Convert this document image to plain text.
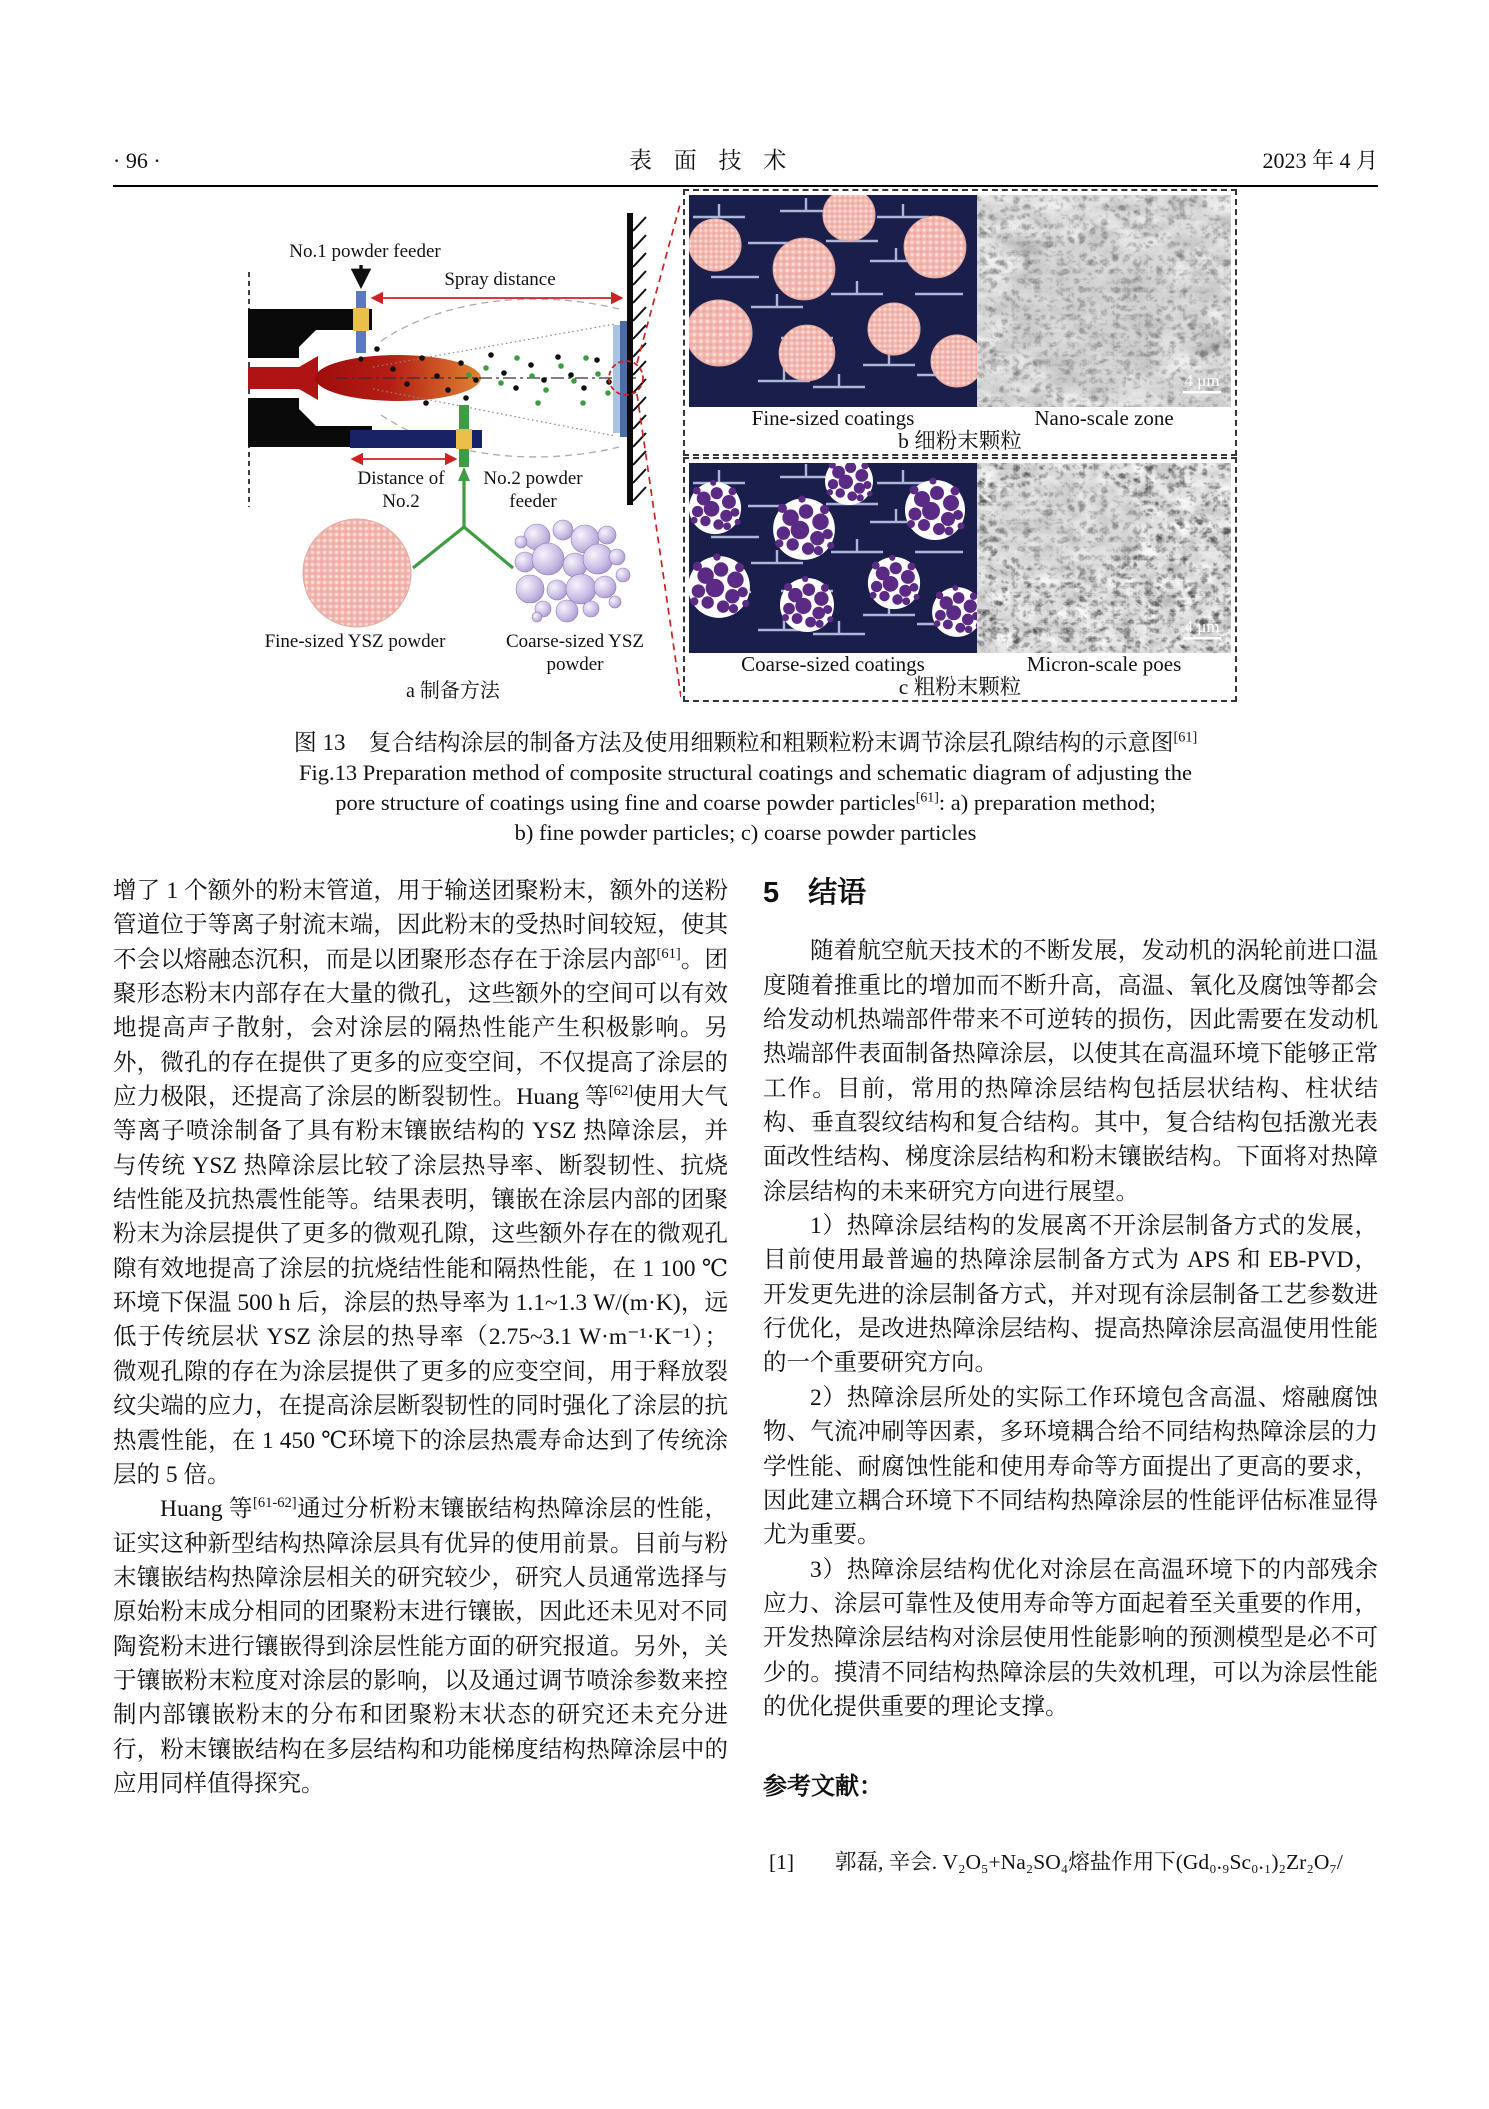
· 96 ·	表 面 技 术	2023 年 4 月
No.1 powder feeder
Spray distance
Distance of
No.2
No.2 powder
feeder
Fine-sized YSZ powder	Coarse-sized YSZ
powder
a 制备方法
4 μm
Fine-sized coatings	Nano-scale zone
b 细粉末颗粒
4 μm
Coarse-sized coatings	Micron-scale poes
c 粗粉末颗粒
图 13　复合结构涂层的制备方法及使用细颗粒和粗颗粒粉末调节涂层孔隙结构的示意图[61]
Fig.13 Preparation method of composite structural coatings and schematic diagram of adjusting the
pore structure of coatings using fine and coarse powder particles[61]: a) preparation method;
b) fine powder particles; c) coarse powder particles

增了 1 个额外的粉末管道，用于输送团聚粉末，额外的送粉管道位于等离子射流末端，因此粉末的受热时间较短，使其不会以熔融态沉积，而是以团聚形态存在于涂层内部[61]。团聚形态粉末内部存在大量的微孔，这些额外的空间可以有效地提高声子散射，会对涂层的隔热性能产生积极影响。另外，微孔的存在提供了更多的应变空间，不仅提高了涂层的应力极限，还提高了涂层的断裂韧性。Huang 等[62]使用大气等离子喷涂制备了具有粉末镶嵌结构的 YSZ 热障涂层，并与传统 YSZ 热障涂层比较了涂层热导率、断裂韧性、抗烧结性能及抗热震性能等。结果表明，镶嵌在涂层内部的团聚粉末为涂层提供了更多的微观孔隙，这些额外存在的微观孔隙有效地提高了涂层的抗烧结性能和隔热性能，在 1 100 ℃环境下保温 500 h 后，涂层的热导率为 1.1~1.3 W/(m·K)，远低于传统层状 YSZ 涂层的热导率（2.75~3.1 W·m⁻¹·K⁻¹）；微观孔隙的存在为涂层提供了更多的应变空间，用于释放裂纹尖端的应力，在提高涂层断裂韧性的同时强化了涂层的抗热震性能，在 1 450 ℃环境下的涂层热震寿命达到了传统涂层的 5 倍。

Huang 等[61-62]通过分析粉末镶嵌结构热障涂层的性能，证实这种新型结构热障涂层具有优异的使用前景。目前与粉末镶嵌结构热障涂层相关的研究较少，研究人员通常选择与原始粉末成分相同的团聚粉末进行镶嵌，因此还未见对不同陶瓷粉末进行镶嵌得到涂层性能方面的研究报道。另外，关于镶嵌粉末粒度对涂层的影响，以及通过调节喷涂参数来控制内部镶嵌粉末的分布和团聚粉末状态的研究还未充分进行，粉末镶嵌结构在多层结构和功能梯度结构热障涂层中的应用同样值得探究。

5　结语

随着航空航天技术的不断发展，发动机的涡轮前进口温度随着推重比的增加而不断升高，高温、氧化及腐蚀等都会给发动机热端部件带来不可逆转的损伤，因此需要在发动机热端部件表面制备热障涂层，以使其在高温环境下能够正常工作。目前，常用的热障涂层结构包括层状结构、柱状结构、垂直裂纹结构和复合结构。其中，复合结构包括激光表面改性结构、梯度涂层结构和粉末镶嵌结构。下面将对热障涂层结构的未来研究方向进行展望。

1）热障涂层结构的发展离不开涂层制备方式的发展，目前使用最普遍的热障涂层制备方式为 APS 和 EB-PVD，开发更先进的涂层制备方式，并对现有涂层制备工艺参数进行优化，是改进热障涂层结构、提高热障涂层高温使用性能的一个重要研究方向。

2）热障涂层所处的实际工作环境包含高温、熔融腐蚀物、气流冲刷等因素，多环境耦合给不同结构热障涂层的力学性能、耐腐蚀性能和使用寿命等方面提出了更高的要求，因此建立耦合环境下不同结构热障涂层的性能评估标准显得尤为重要。

3）热障涂层结构优化对涂层在高温环境下的内部残余应力、涂层可靠性及使用寿命等方面起着至关重要的作用，开发热障涂层结构对涂层使用性能影响的预测模型是必不可少的。摸清不同结构热障涂层的失效机理，可以为涂层性能的优化提供重要的理论支撑。

参考文献：
[1]	郭磊, 辛会. V₂O₅+Na₂SO₄熔盐作用下(Gd₀.₉Sc₀.₁)₂Zr₂O₇/
